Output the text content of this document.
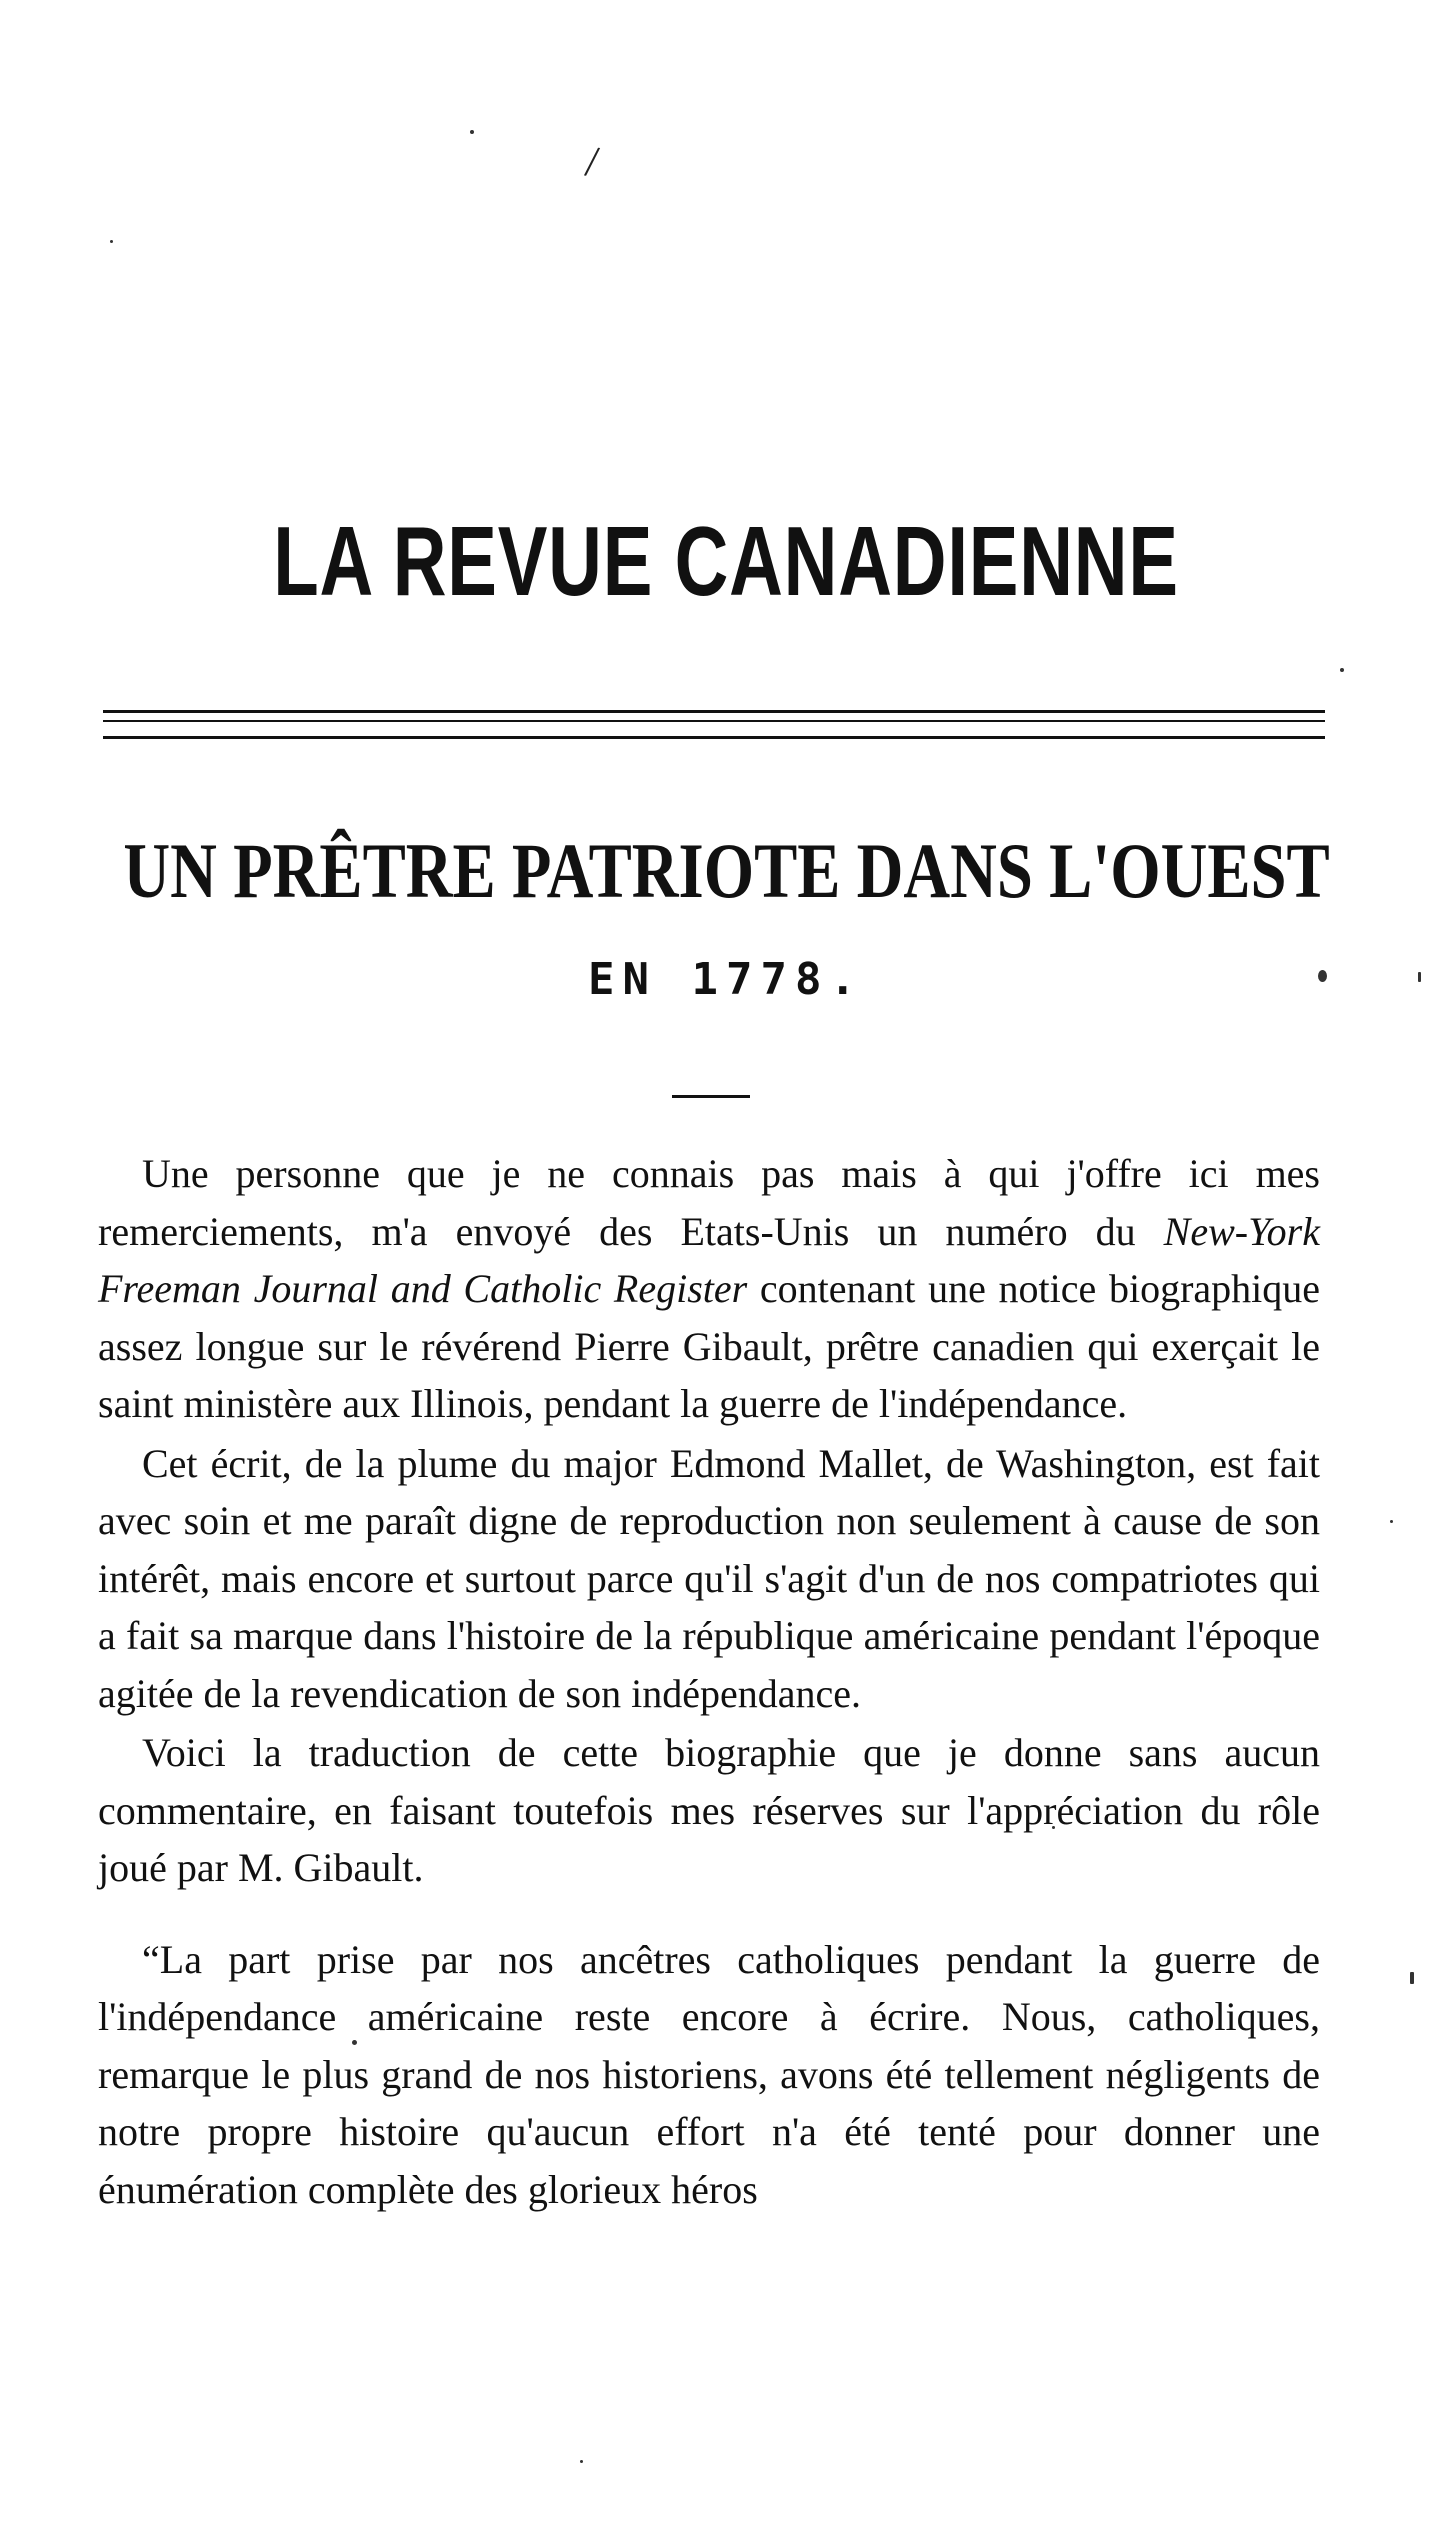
/
LA REVUE CANADIENNE
UN PRÊTRE PATRIOTE DANS L'OUEST
EN 1778.

Une personne que je ne connais pas mais à qui j'offre ici mes remerciements, m'a envoyé des Etats-Unis un numéro du New-York Freeman Journal and Catholic Register contenant une notice biographique assez longue sur le révérend Pierre Gibault, prêtre canadien qui exerçait le saint ministère aux Illinois, pendant la guerre de l'indépendance.

Cet écrit, de la plume du major Edmond Mallet, de Washington, est fait avec soin et me paraît digne de reproduction non seulement à cause de son intérêt, mais encore et surtout parce qu'il s'agit d'un de nos compatriotes qui a fait sa marque dans l'histoire de la république américaine pendant l'époque agitée de la revendication de son indépendance.

Voici la traduction de cette biographie que je donne sans aucun commentaire, en faisant toutefois mes réserves sur l'appréciation du rôle joué par M. Gibault.

“La part prise par nos ancêtres catholiques pendant la guerre de l'indépendance américaine reste encore à écrire. Nous, catholiques, remarque le plus grand de nos historiens, avons été tellement négligents de notre propre histoire qu'aucun effort n'a été tenté pour donner une énumération complète des glorieux héros
